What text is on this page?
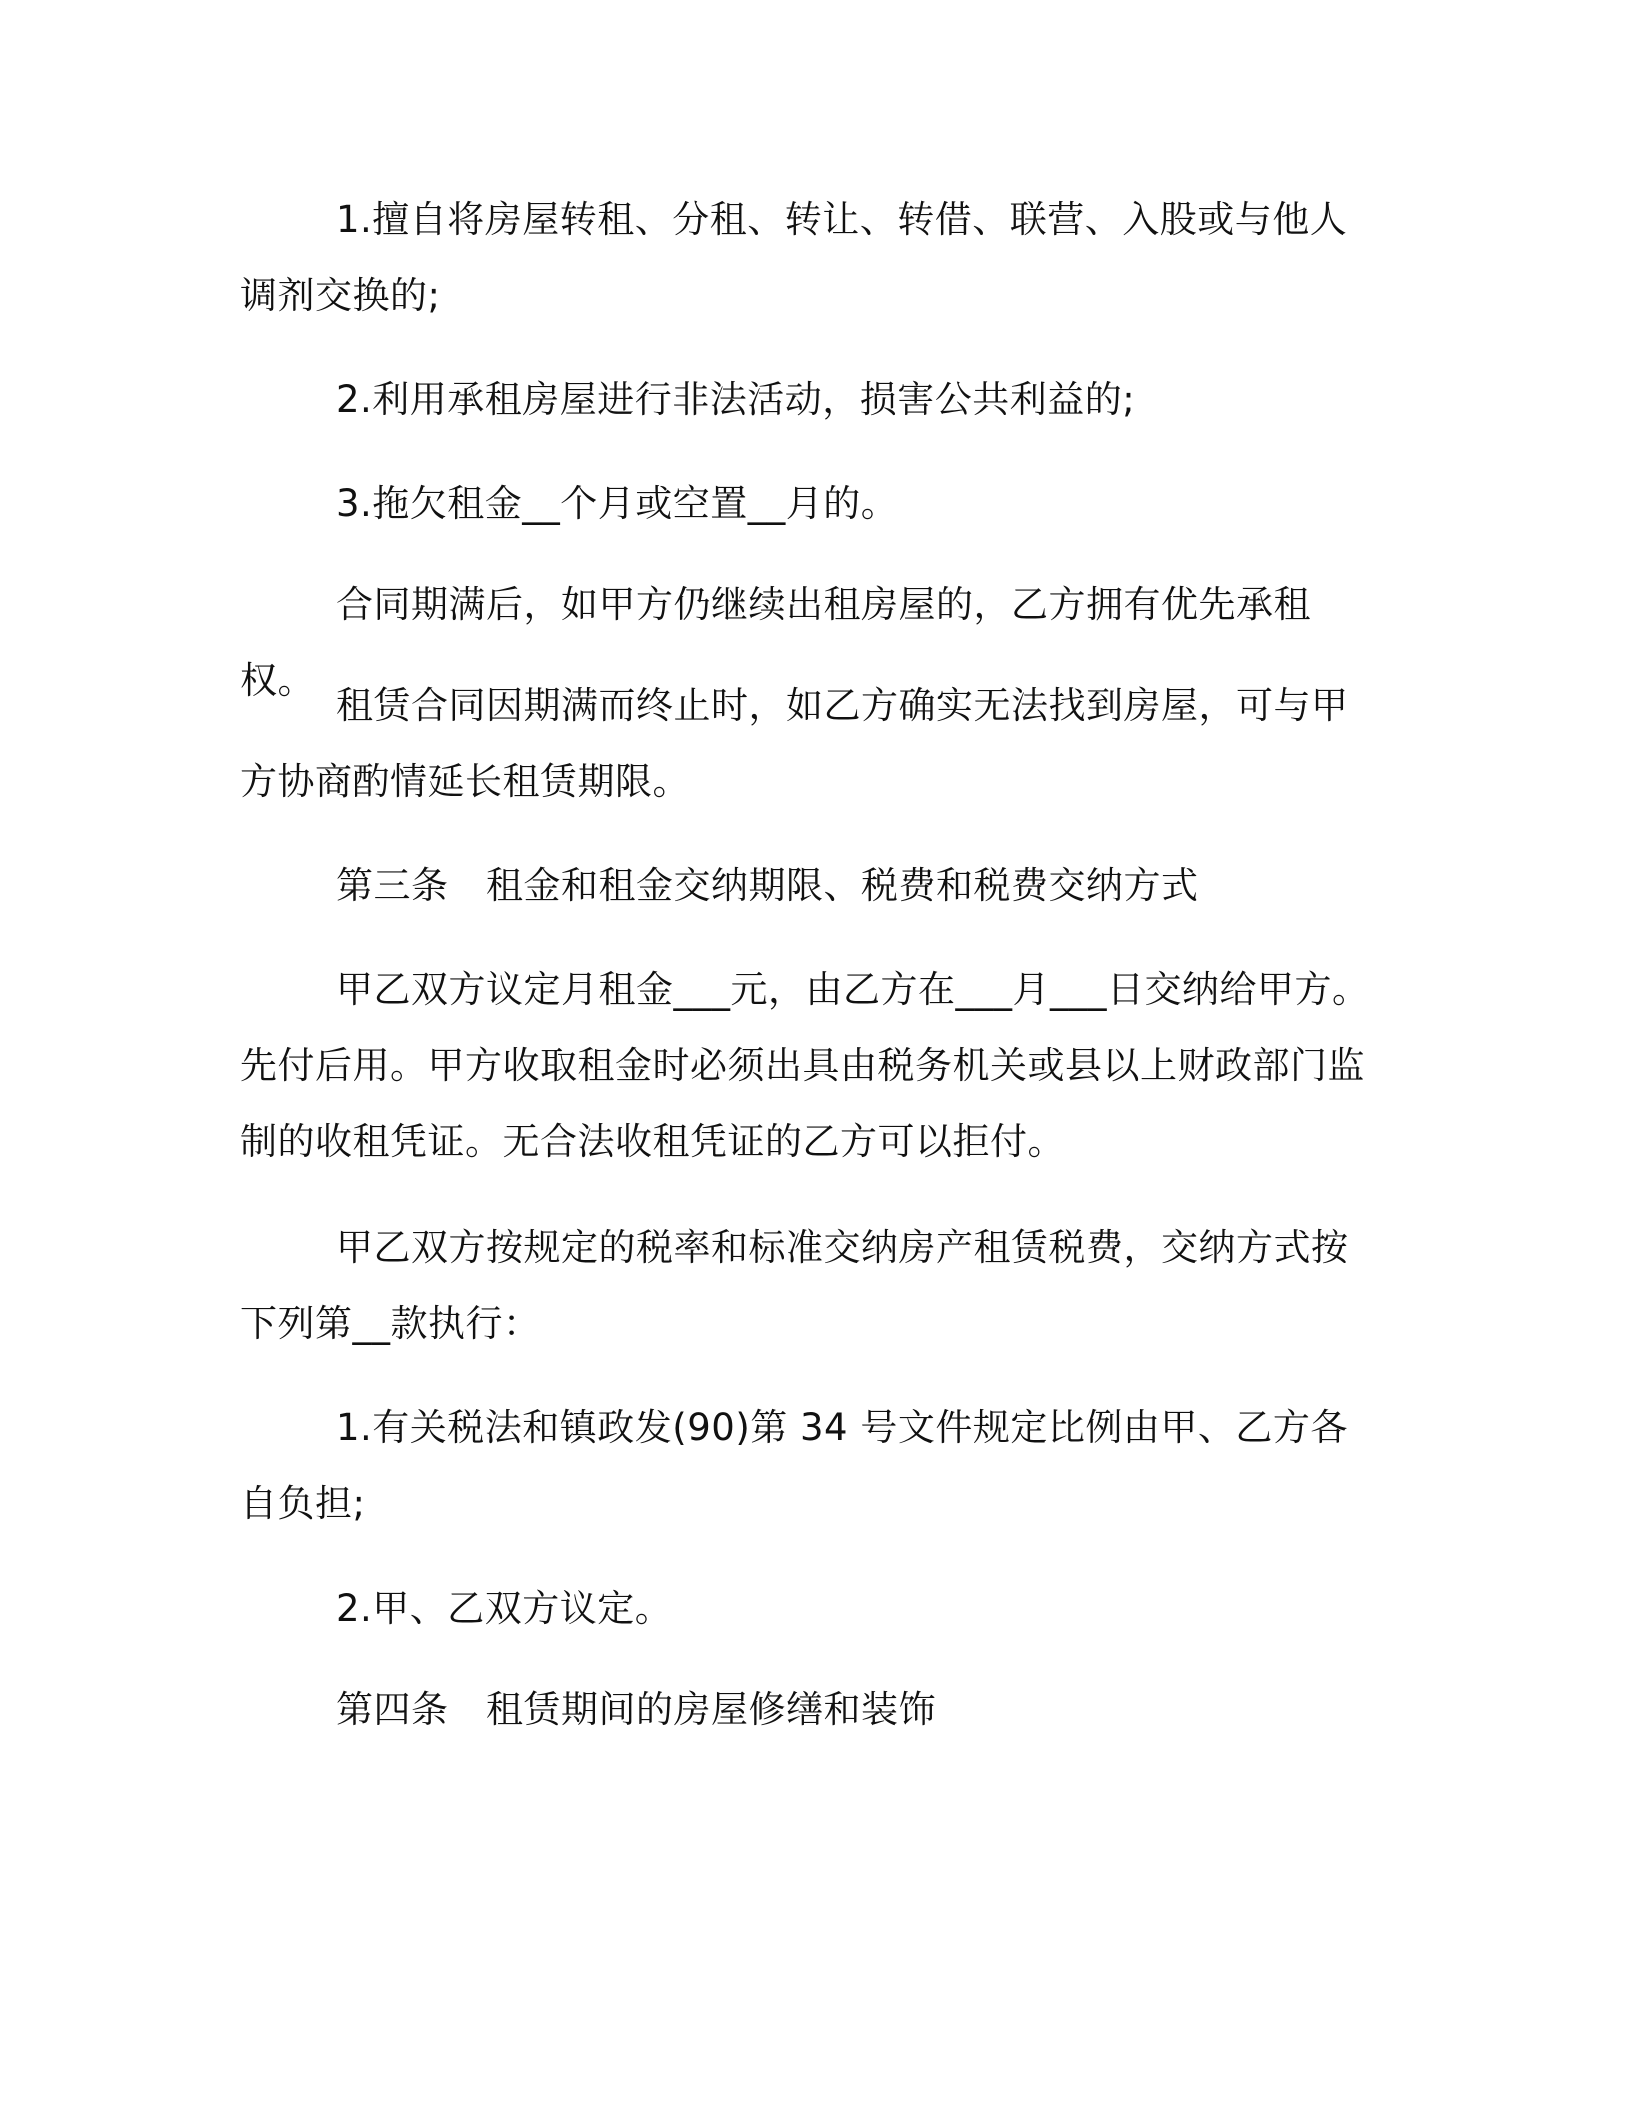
1.擅自将房屋转租、分租、转让、转借、联营、入股或与他人调剂交换的;

2.利用承租房屋进行非法活动，损害公共利益的;

3.拖欠租金__个月或空置__月的。

合同期满后，如甲方仍继续出租房屋的，乙方拥有优先承租权。

租赁合同因期满而终止时，如乙方确实无法找到房屋，可与甲方协商酌情延长租赁期限。

第三条　租金和租金交纳期限、税费和税费交纳方式

甲乙双方议定月租金___元，由乙方在___月___日交纳给甲方。先付后用。甲方收取租金时必须出具由税务机关或县以上财政部门监制的收租凭证。无合法收租凭证的乙方可以拒付。

甲乙双方按规定的税率和标准交纳房产租赁税费，交纳方式按下列第__款执行：

1.有关税法和镇政发(90)第 34 号文件规定比例由甲、乙方各自负担;

2.甲、乙双方议定。

第四条　租赁期间的房屋修缮和装饰
